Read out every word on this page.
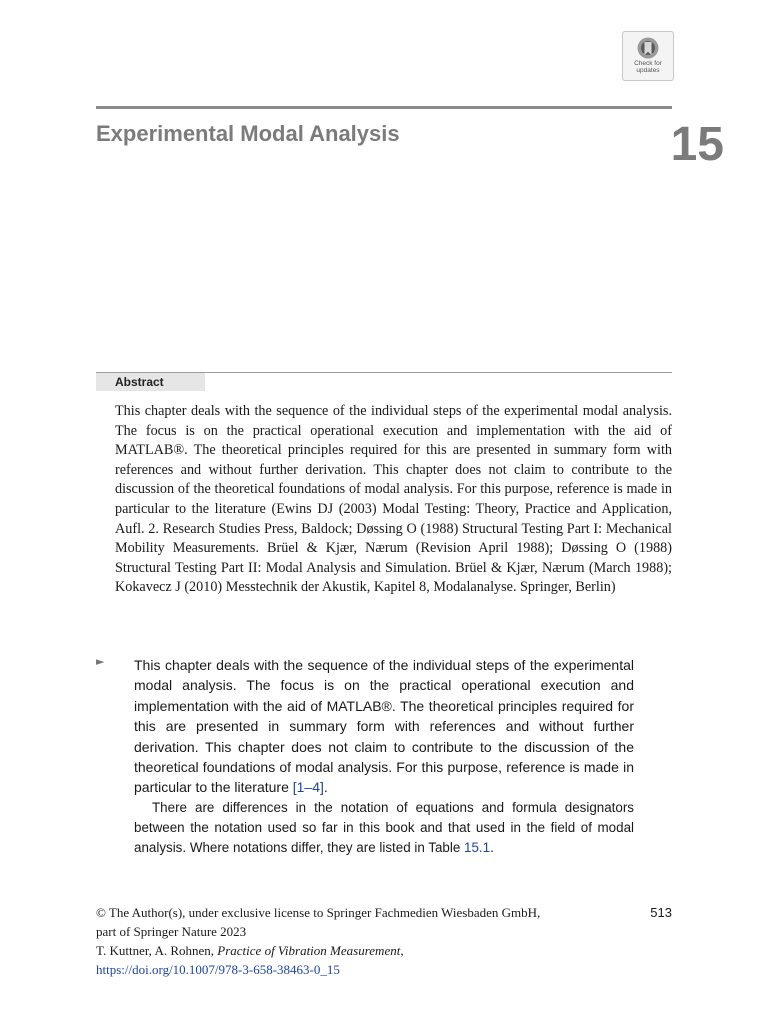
Check for
updates
Experimental Modal Analysis	15
Abstract
This chapter deals with the sequence of the individual steps of the experimental modal analysis. The focus is on the practical operational execution and implementation with the aid of MATLAB®. The theoretical principles required for this are presented in summary form with references and without further derivation. This chapter does not claim to contribute to the discussion of the theoretical foundations of modal analysis. For this purpose, reference is made in particular to the literature (Ewins DJ (2003) Modal Testing: Theory, Practice and Application, Aufl. 2. Research Studies Press, Baldock; Døssing O (1988) Structural Testing Part I: Mechanical Mobility Measurements. Brüel & Kjær, Nærum (Revision April 1988); Døssing O (1988) Structural Testing Part II: Modal Analysis and Simulation. Brüel & Kjær, Nærum (March 1988); Kokavecz J (2010) Messtechnik der Akustik, Kapitel 8, Modalanalyse. Springer, Berlin)
► This chapter deals with the sequence of the individual steps of the experimental modal analysis. The focus is on the practical operational execution and implementation with the aid of MATLAB®. The theoretical principles required for this are presented in summary form with references and without further derivation. This chapter does not claim to contribute to the discussion of the theoretical foundations of modal analysis. For this purpose, reference is made in particular to the literature [1–4].

There are differences in the notation of equations and formula designators between the notation used so far in this book and that used in the field of modal analysis. Where notations differ, they are listed in Table 15.1.

513
© The Author(s), under exclusive license to Springer Fachmedien Wiesbaden GmbH,
part of Springer Nature 2023
T. Kuttner, A. Rohnen, Practice of Vibration Measurement,
https://doi.org/10.1007/978-3-658-38463-0_15
